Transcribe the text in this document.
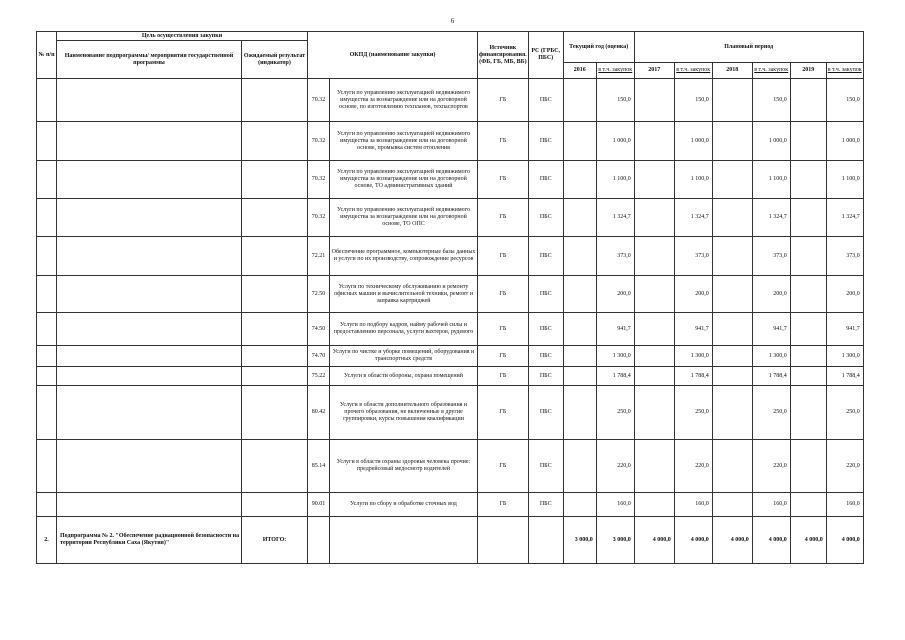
6
№ п/п	Цель осуществления закупки		ОКПД (наименование закупки)		Источник финансирования. (ФБ, ГБ, МБ, ВБ)	РС (ГРБС, ПБС)	Текущий год (оценка)		Плановый период					
	Наименование подпрограммы/ мероприятия государственной программы	Ожидаемый результат (индикатор)												
							2016	в т.ч. закупок	2017	в т.ч. закупок	2018	в т.ч. закупок	2019	в т.ч. закупок
			70.32	Услуги по управлению эксплуатацией недвижимого имущества за вознаграждение или на договорной основе, по изготовлению техпланов, техпаспортов	ГБ	ПБС		150,0		150,0		150,0		150,0
			70.32	Услуги по управлению эксплуатацией недвижимого имущества за вознаграждение или на договорной основе, промывка систем отопления	ГБ	ПБС		1 000,0		1 000,0		1 000,0		1 000,0
			70.32	Услуги по управлению эксплуатацией недвижимого имущества за вознаграждение или на договорной основе, ТО административных зданий	ГБ	ПБС		1 100,0		1 100,0		1 100,0		1 100,0
			70.32	Услуги по управлению эксплуатацией недвижимого имущества за вознаграждение или на договорной основе, ТО ОПС	ГБ	ПБС		1 324,7		1 324,7		1 324,7		1 324,7
			72.21	Обеспечение программное, компьютерные базы данных и услуги по их производству, сопровождение ресурсов	ГБ	ПБС		373,0		373,0		373,0		373,0
			72.50	Услуги по техническому обслуживанию и ремонту офисных машин и вычислительной техники, ремонт и заправка картриджей	ГБ	ПБС		200,0		200,0		200,0		200,0
			74.50	Услуги по подбору кадров, найму рабочей силы и предоставлению персонала, услуги вахтеров, рудевого	ГБ	ПБС		941,7		941,7		941,7		941,7
			74.70	Услуги по чистке и уборке помещений, оборудования и транспортных средств	ГБ	ПБС		1 300,0		1 300,0		1 300,0		1 300,0
			75.22	Услуги в области обороны, охрана помещений	ГБ	ПБС		1 788,4		1 788,4		1 788,4		1 788,4
			80.42	Услуги в области дополнительного образования и прочего образования, не включенные в другие группировки, курсы повышения квалификации	ГБ	ПБС		250,0		250,0		250,0		250,0
			85.14	Услуги в области охраны здоровья человека прочие: предрейсовый медосмотр водителей	ГБ	ПБС		220,0		220,0		220,0		220,0
			90.01	Услуги по сбору и обработке сточных вод	ГБ	ПБС		160,0		160,0		160,0		160,0
2.	Подпрограмма № 2. "Обеспечение радиационной безопасности на территории Республики Саха (Якутия)"	ИТОГО:					3 000,0	3 000,0	4 000,0	4 000,0	4 000,0	4 000,0	4 000,0	4 000,0
